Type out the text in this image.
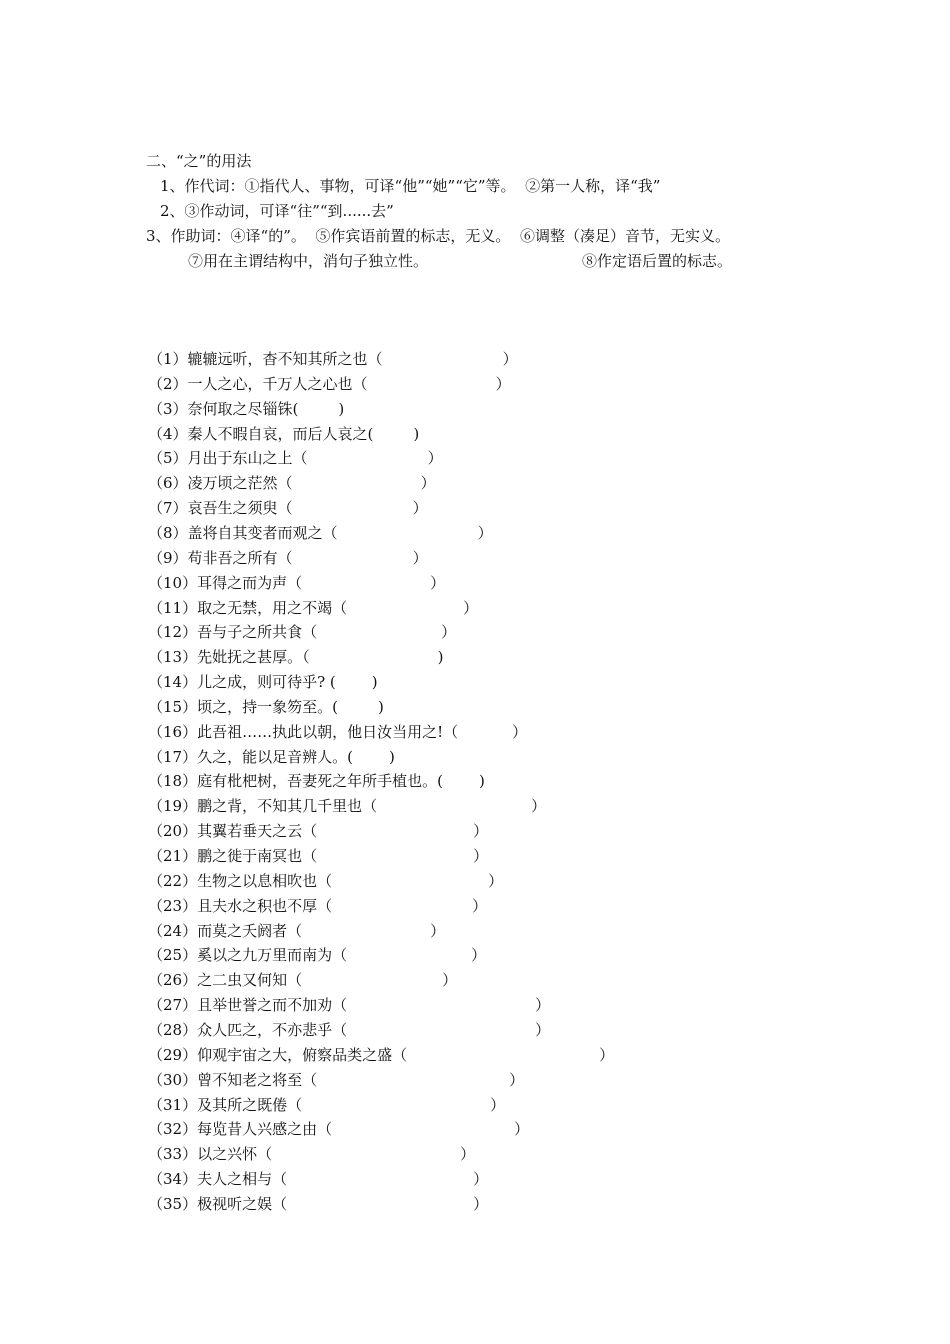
二、“之”的用法
1、作代词：①指代人、事物，可译“他”“她”“它”等。  ②第一人称，译“我”
2、③作动词，可译“往”“到......去”
3、作助词：④译“的”。  ⑤作宾语前置的标志，无义。  ⑥调整（凑足）音节，无实义。
⑦用在主谓结构中，消句子独立性。	⑧作定语后置的标志。
（1）辘辘远听，杳不知其所之也（	）
（2）一人之心，千万人之心也（	）
（3）奈何取之尽锱铢(	)
（4）秦人不暇自哀，而后人哀之(	)
（5）月出于东山之上（	）
（6）凌万顷之茫然（	）
（7）哀吾生之须臾（	）
（8）盖将自其变者而观之（	）
（9）苟非吾之所有（	）
（10）耳得之而为声（	）
（11）取之无禁，用之不竭（	）
（12）吾与子之所共食（	）
（13）先妣抚之甚厚。（	)
（14）儿之成，则可待乎? ( )
（15）顷之，持一象笏至。(	)
（16）此吾祖……执此以朝，他日汝当用之!（	）
（17）久之，能以足音辨人。( )
（18）庭有枇杷树，吾妻死之年所手植也。( )
（19）鹏之背，不知其几千里也（	）
（20）其翼若垂天之云（	）
（21）鹏之徙于南冥也（	）
（22）生物之以息相吹也（	）
（23）且夫水之积也不厚（	）
（24）而莫之夭阏者（	）
（25）奚以之九万里而南为（	）
（26）之二虫又何知（	）
（27）且举世誉之而不加劝（	）
（28）众人匹之，不亦悲乎（	）
（29）仰观宇宙之大，俯察品类之盛（	）
（30）曾不知老之将至（	）
（31）及其所之既倦（	）
（32）每览昔人兴感之由（	）
（33）以之兴怀（	）
（34）夫人之相与（	）
（35）极视听之娱（	）
